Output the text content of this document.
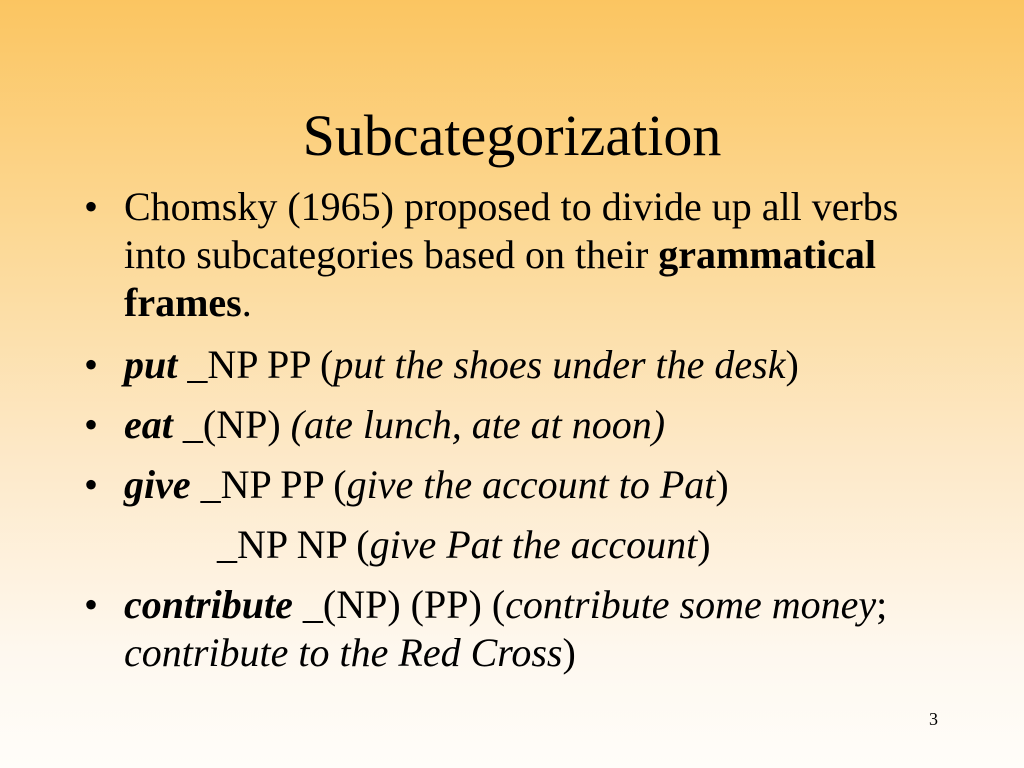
Subcategorization
• Chomsky (1965) proposed to divide up all verbs into subcategories based on their grammatical frames.
• put _NP PP (put the shoes under the desk)
• eat _(NP) (ate lunch, ate at noon)
• give _NP PP (give the account to Pat)
_NP NP (give Pat the account)
• contribute _(NP) (PP) (contribute some money; contribute to the Red Cross)
3
